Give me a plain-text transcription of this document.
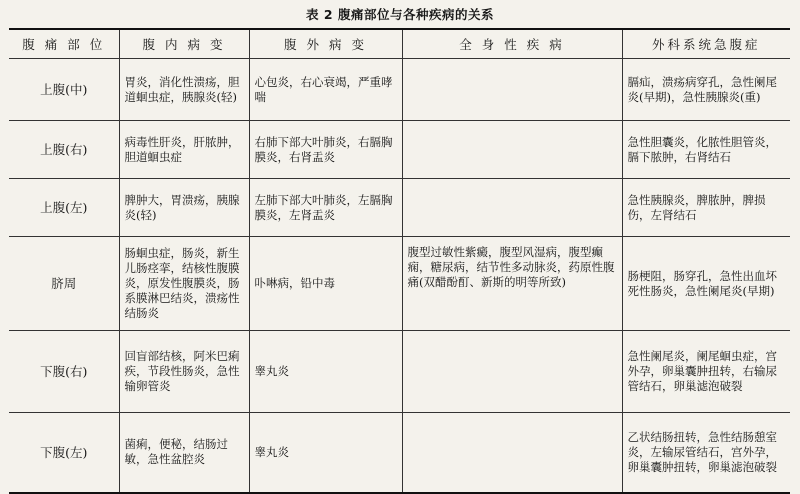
表 2 腹痛部位与各种疾病的关系
腹 痛 部 位	腹 内 病 变	腹 外 病 变	全 身 性 疾 病	外科系统急腹症
上腹(中)	胃炎，消化性溃疡，胆道蛔虫症，胰腺炎(轻)	心包炎，右心衰竭，严重哮喘		膈疝，溃疡病穿孔，急性阑尾炎(早期)，急性胰腺炎(重)
上腹(右)	病毒性肝炎，肝脓肿，胆道蛔虫症	右肺下部大叶肺炎，右膈胸膜炎，右肾盂炎		急性胆囊炎，化脓性胆管炎，膈下脓肿，右肾结石
上腹(左)	脾肿大，胃溃疡，胰腺炎(轻)	左肺下部大叶肺炎，左膈胸膜炎，左肾盂炎		急性胰腺炎，脾脓肿，脾损伤，左肾结石
脐周	肠蛔虫症，肠炎，新生儿肠痉挛，结核性腹膜炎，原发性腹膜炎，肠系膜淋巴结炎，溃疡性结肠炎	卟啉病，铅中毒	腹型过敏性紫癜，腹型风湿病，腹型癫痫，糖尿病，结节性多动脉炎，药原性腹痛(双醋酚酊、新斯的明等所致)	肠梗阻，肠穿孔，急性出血坏死性肠炎，急性阑尾炎(早期)
下腹(右)	回盲部结核，阿米巴痢疾，节段性肠炎，急性输卵管炎	睾丸炎		急性阑尾炎，阑尾蛔虫症，宫外孕，卵巢囊肿扭转，右输尿管结石，卵巢滤泡破裂
下腹(左)	菌痢，便秘，结肠过敏，急性盆腔炎	睾丸炎		乙状结肠扭转，急性结肠憩室炎，左输尿管结石，宫外孕，卵巢囊肿扭转，卵巢滤泡破裂
